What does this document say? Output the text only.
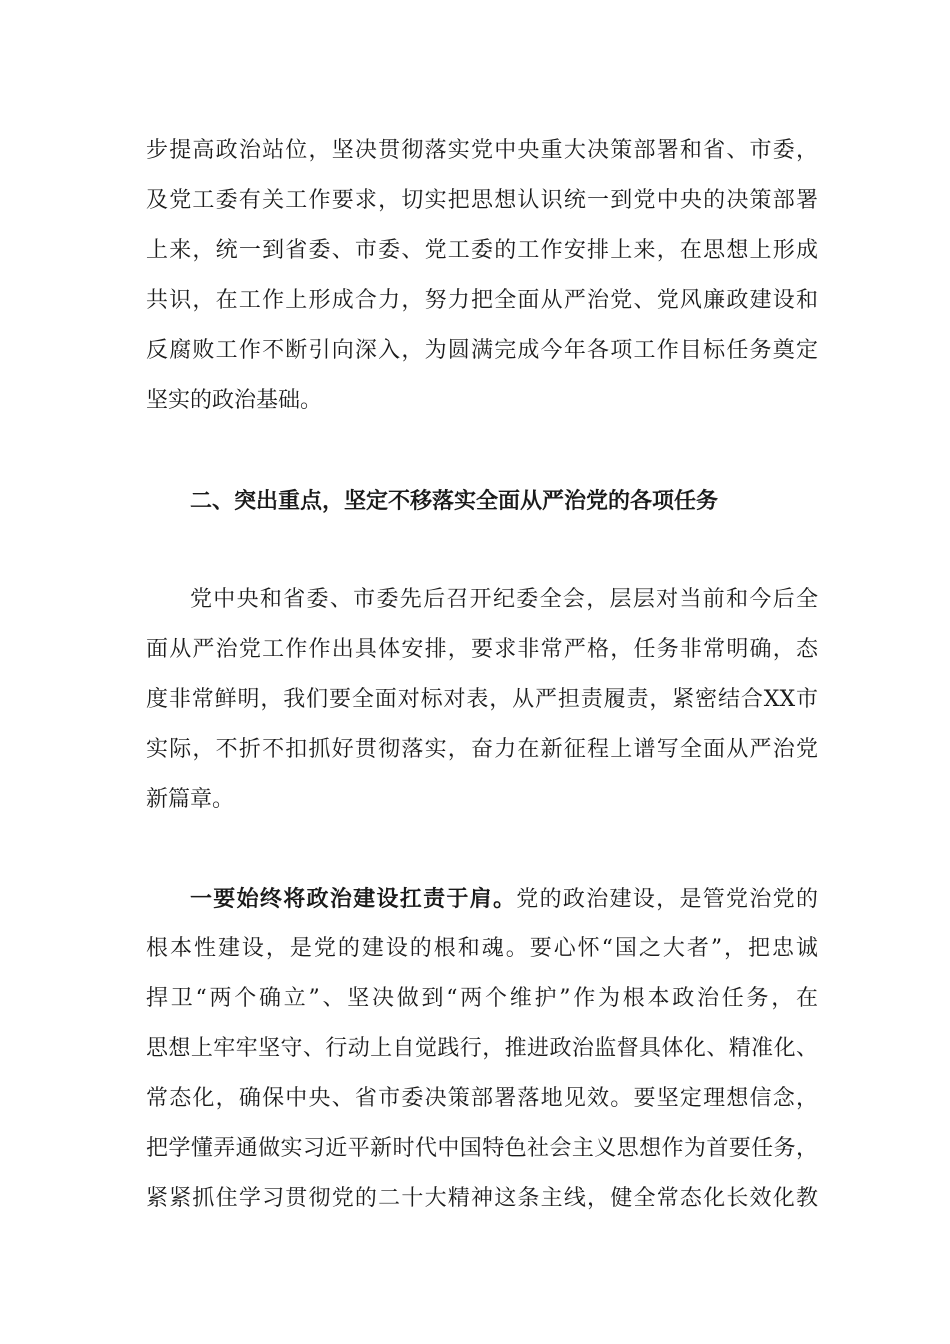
步提高政治站位，坚决贯彻落实党中央重大决策部署和省、市委，
及党工委有关工作要求，切实把思想认识统一到党中央的决策部署
上来，统一到省委、市委、党工委的工作安排上来，在思想上形成
共识，在工作上形成合力，努力把全面从严治党、党风廉政建设和
反腐败工作不断引向深入，为圆满完成今年各项工作目标任务奠定
坚实的政治基础。
二、突出重点，坚定不移落实全面从严治党的各项任务
党中央和省委、市委先后召开纪委全会，层层对当前和今后全
面从严治党工作作出具体安排，要求非常严格，任务非常明确，态
度非常鲜明，我们要全面对标对表，从严担责履责，紧密结合XX市
实际，不折不扣抓好贯彻落实，奋力在新征程上谱写全面从严治党
新篇章。
一要始终将政治建设扛责于肩。党的政治建设，是管党治党的
根本性建设，是党的建设的根和魂。要心怀“国之大者”，把忠诚
捍卫“两个确立”、坚决做到“两个维护”作为根本政治任务，在
思想上牢牢坚守、行动上自觉践行，推进政治监督具体化、精准化、
常态化，确保中央、省市委决策部署落地见效。要坚定理想信念，
把学懂弄通做实习近平新时代中国特色社会主义思想作为首要任务，
紧紧抓住学习贯彻党的二十大精神这条主线，健全常态化长效化教
